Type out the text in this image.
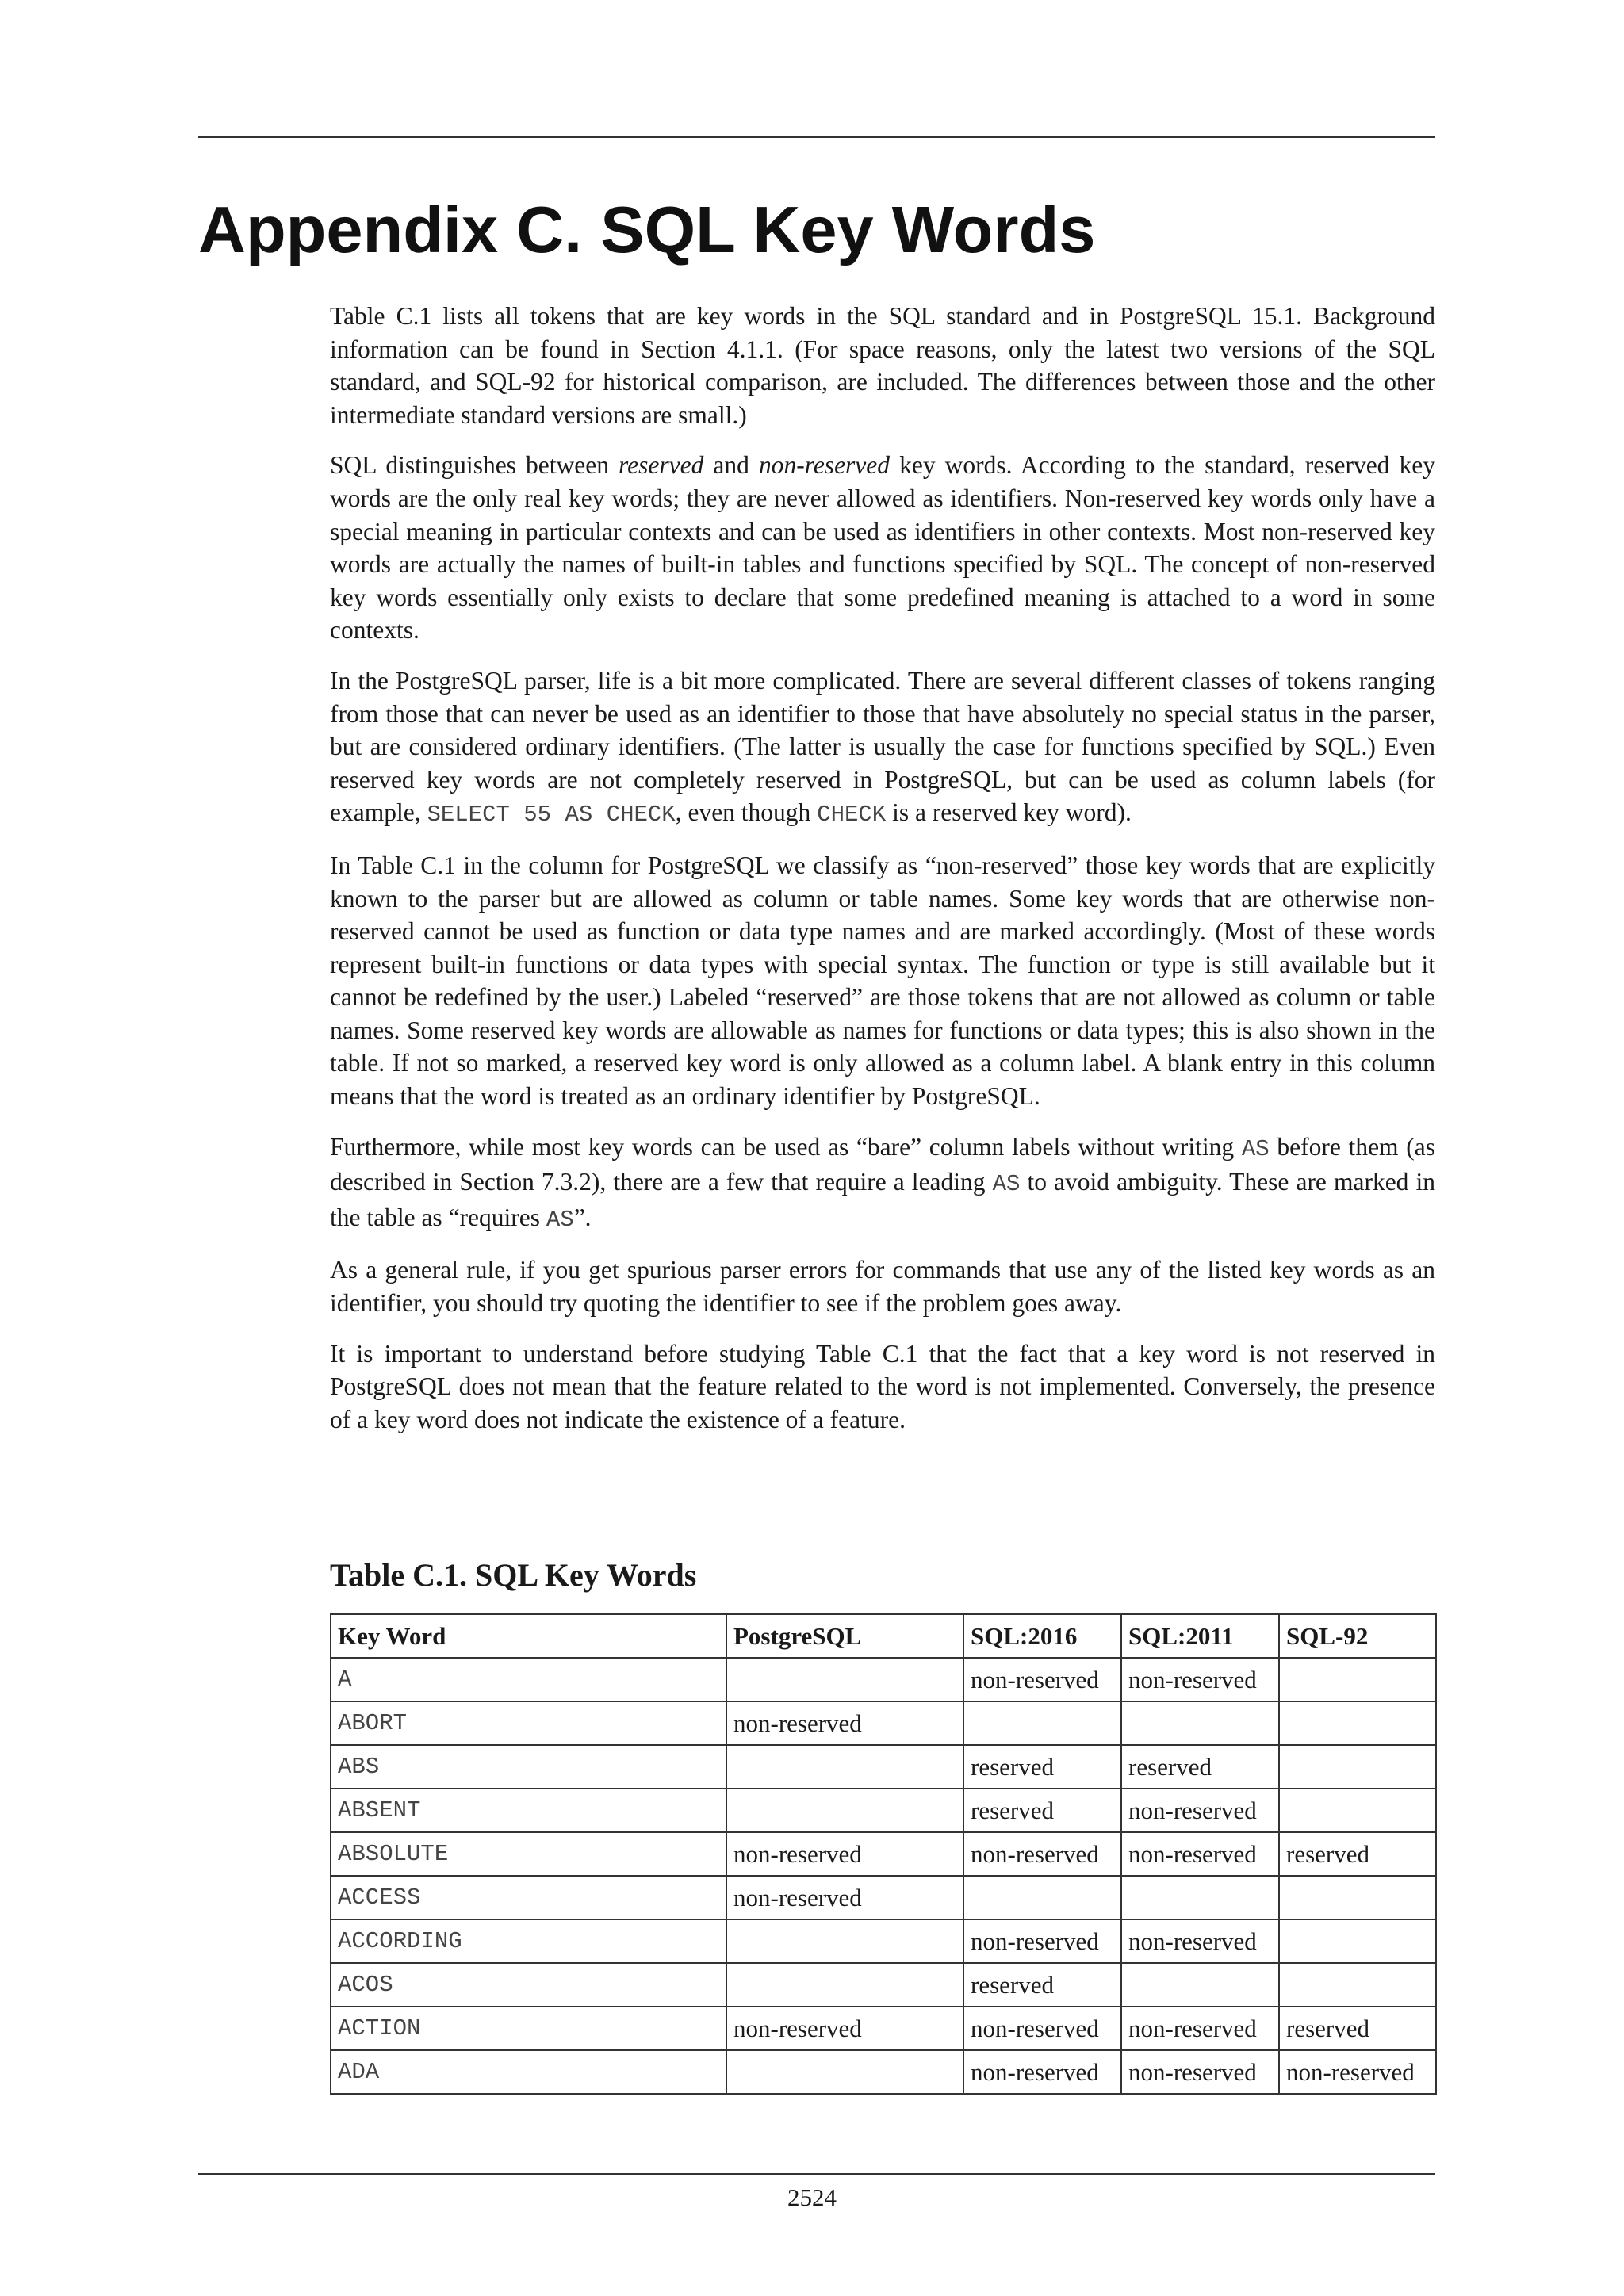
Appendix C. SQL Key Words

Table C.1 lists all tokens that are key words in the SQL standard and in PostgreSQL 15.1. Background information can be found in Section 4.1.1. (For space reasons, only the latest two versions of the SQL standard, and SQL-92 for historical comparison, are included. The differences between those and the other intermediate standard versions are small.)

SQL distinguishes between reserved and non-reserved key words. According to the standard, reserved key words are the only real key words; they are never allowed as identifiers. Non-reserved key words only have a special meaning in particular contexts and can be used as identifiers in other contexts. Most non-reserved key words are actually the names of built-in tables and functions specified by SQL. The concept of non-reserved key words essentially only exists to declare that some predefined meaning is attached to a word in some contexts.

In the PostgreSQL parser, life is a bit more complicated. There are several different classes of tokens ranging from those that can never be used as an identifier to those that have absolutely no special status in the parser, but are considered ordinary identifiers. (The latter is usually the case for functions specified by SQL.) Even reserved key words are not completely reserved in PostgreSQL, but can be used as column labels (for example, SELECT 55 AS CHECK, even though CHECK is a reserved key word).

In Table C.1 in the column for PostgreSQL we classify as “non-reserved” those key words that are explicitly known to the parser but are allowed as column or table names. Some key words that are otherwise non-reserved cannot be used as function or data type names and are marked accordingly. (Most of these words represent built-in functions or data types with special syntax. The function or type is still available but it cannot be redefined by the user.) Labeled “reserved” are those tokens that are not allowed as column or table names. Some reserved key words are allowable as names for functions or data types; this is also shown in the table. If not so marked, a reserved key word is only allowed as a column label. A blank entry in this column means that the word is treated as an ordinary identifier by PostgreSQL.

Furthermore, while most key words can be used as “bare” column labels without writing AS before them (as described in Section 7.3.2), there are a few that require a leading AS to avoid ambiguity. These are marked in the table as “requires AS”.

As a general rule, if you get spurious parser errors for commands that use any of the listed key words as an identifier, you should try quoting the identifier to see if the problem goes away.

It is important to understand before studying Table C.1 that the fact that a key word is not reserved in PostgreSQL does not mean that the feature related to the word is not implemented. Conversely, the presence of a key word does not indicate the existence of a feature.

Table C.1. SQL Key Words
Key Word	PostgreSQL	SQL:2016	SQL:2011	SQL-92
A		non-reserved	non-reserved	
ABORT	non-reserved			
ABS		reserved	reserved	
ABSENT		reserved	non-reserved	
ABSOLUTE	non-reserved	non-reserved	non-reserved	reserved
ACCESS	non-reserved			
ACCORDING		non-reserved	non-reserved	
ACOS		reserved		
ACTION	non-reserved	non-reserved	non-reserved	reserved
ADA		non-reserved	non-reserved	non-reserved
2524
